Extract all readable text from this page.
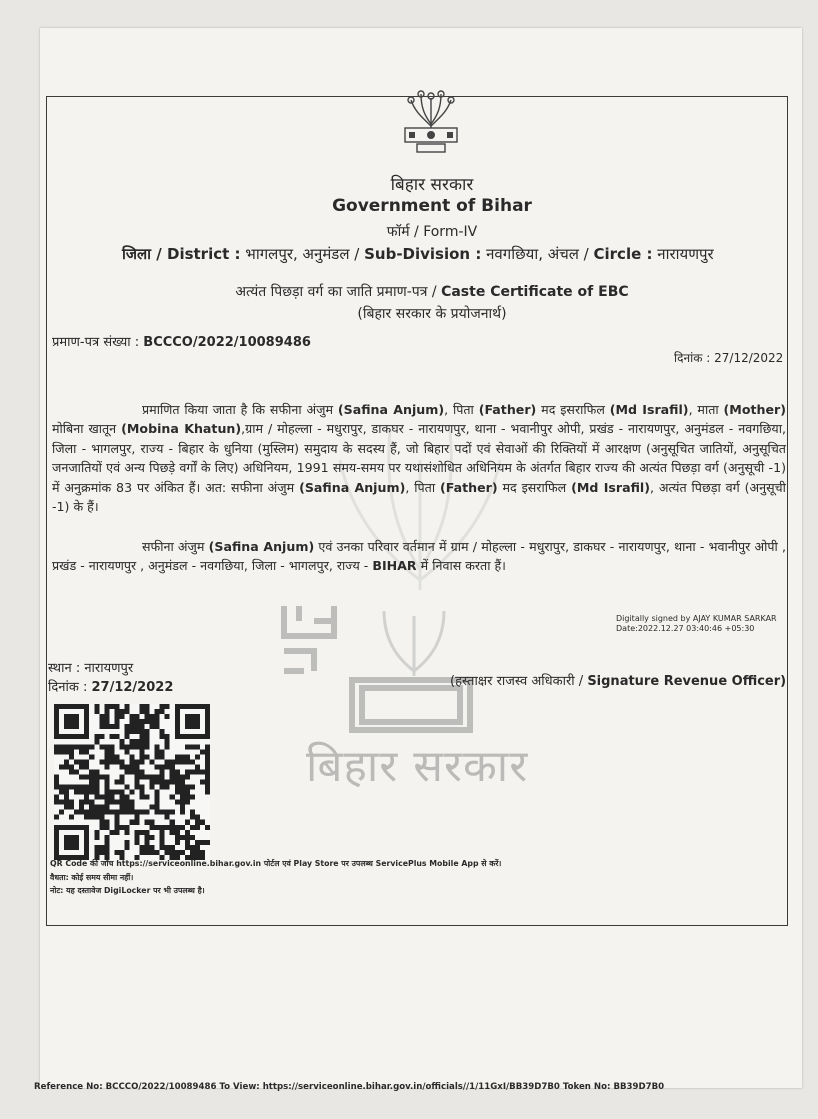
बिहार सरकार
Government of Bihar
फॉर्म / Form-IV
जिला / District : भागलपुर, अनुमंडल / Sub-Division : नवगछिया, अंचल / Circle : नारायणपुर
अत्यंत पिछड़ा वर्ग का जाति प्रमाण-पत्र / Caste Certificate of EBC
(बिहार सरकार के प्रयोजनार्थ)
प्रमाण-पत्र संख्या : BCCCO/2022/10089486
दिनांक : 27/12/2022
प्रमाणित किया जाता है कि सफीना अंजुम (Safina Anjum), पिता (Father) मद इसराफिल (Md Israfil), माता (Mother) मोबिना खातून (Mobina Khatun),ग्राम / मोहल्ला - मधुरापुर, डाकघर - नारायणपुर, थाना - भवानीपुर ओपी, प्रखंड - नारायणपुर, अनुमंडल - नवगछिया, जिला - भागलपुर, राज्य - बिहार के धुनिया (मुस्लिम) समुदाय के सदस्य हैं, जो बिहार पदों एवं सेवाओं की रिक्तियों में आरक्षण (अनुसूचित जातियों, अनुसूचित जनजातियों एवं अन्य पिछड़े वर्गों के लिए) अधिनियम, 1991 समय-समय पर यथासंशोधित अधिनियम के अंतर्गत बिहार राज्य की अत्यंत पिछड़ा वर्ग (अनुसूची -1) में अनुक्रमांक 83 पर अंकित हैं। अत: सफीना अंजुम (Safina Anjum), पिता (Father) मद इसराफिल (Md Israfil), अत्यंत पिछड़ा वर्ग (अनुसूची -1) के हैं।
सफीना अंजुम (Safina Anjum) एवं उनका परिवार वर्तमान में ग्राम / मोहल्ला - मधुरापुर, डाकघर - नारायणपुर, थाना - भवानीपुर ओपी , प्रखंड - नारायणपुर , अनुमंडल - नवगछिया, जिला - भागलपुर, राज्य - BIHAR में निवास करता हैं।
बिहार सरकार
Digitally signed by AJAY KUMAR SARKAR
Date:2022.12.27 03:40:46 +05:30
स्थान : नारायणपुर
दिनांक : 27/12/2022	(हस्ताक्षर राजस्व अधिकारी / Signature Revenue Officer)
QR Code की जाँच https://serviceonline.bihar.gov.in पोर्टल एवं Play Store पर उपलब्ध ServicePlus Mobile App से करें।
वैधता: कोई समय सीमा नहीं।
नोट: यह दस्तावेज DigiLocker पर भी उपलब्ध है।
Reference No: BCCCO/2022/10089486 To View: https://serviceonline.bihar.gov.in/officials//1/11GxI/BB39D7B0 Token No: BB39D7B0
